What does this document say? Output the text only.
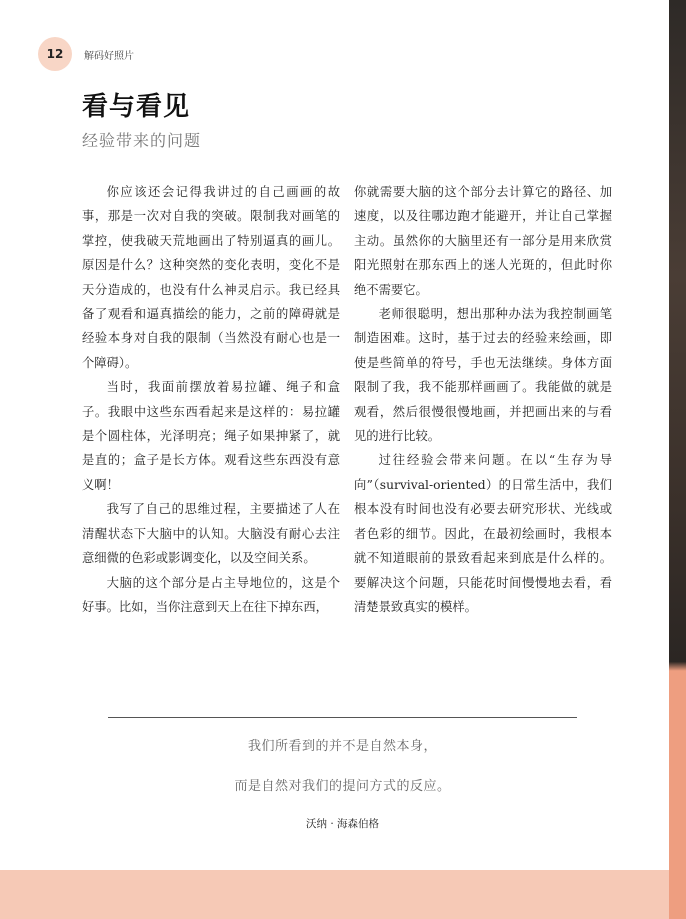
12 解码好照片
看与看见
经验带来的问题

你应该还会记得我讲过的自己画画的故事，那是一次对自我的突破。限制我对画笔的掌控，使我破天荒地画出了特别逼真的画儿。原因是什么？这种突然的变化表明，变化不是天分造成的，也没有什么神灵启示。我已经具备了观看和逼真描绘的能力，之前的障碍就是经验本身对自我的限制（当然没有耐心也是一个障碍）。

当时，我面前摆放着易拉罐、绳子和盒子。我眼中这些东西看起来是这样的：易拉罐是个圆柱体，光泽明亮；绳子如果抻紧了，就是直的；盒子是长方体。观看这些东西没有意义啊！

我写了自己的思维过程，主要描述了人在清醒状态下大脑中的认知。大脑没有耐心去注意细微的色彩或影调变化，以及空间关系。

大脑的这个部分是占主导地位的，这是个好事。比如，当你注意到天上在往下掉东西，

你就需要大脑的这个部分去计算它的路径、加速度，以及往哪边跑才能避开，并让自己掌握主动。虽然你的大脑里还有一部分是用来欣赏阳光照射在那东西上的迷人光斑的，但此时你绝不需要它。

老师很聪明，想出那种办法为我控制画笔制造困难。这时，基于过去的经验来绘画，即使是些简单的符号，手也无法继续。身体方面限制了我，我不能那样画画了。我能做的就是观看，然后很慢很慢地画，并把画出来的与看见的进行比较。

过往经验会带来问题。在以“生存为导向”（survival-oriented）的日常生活中，我们根本没有时间也没有必要去研究形状、光线或者色彩的细节。因此，在最初绘画时，我根本就不知道眼前的景致看起来到底是什么样的。要解决这个问题，只能花时间慢慢地去看，看清楚景致真实的模样。

我们所看到的并不是自然本身，
而是自然对我们的提问方式的反应。
沃纳 · 海森伯格
